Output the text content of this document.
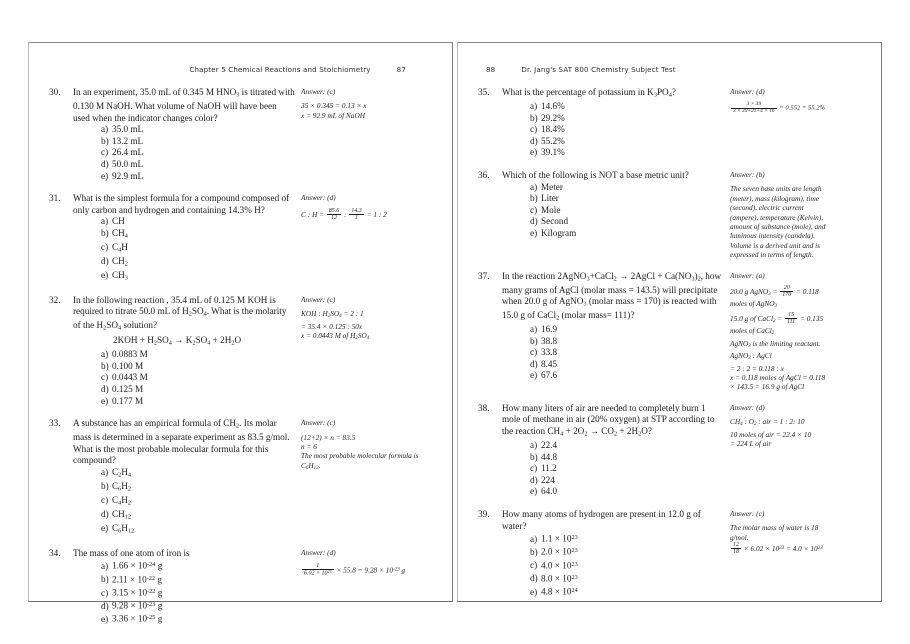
Chapter 5 Chemical Reactions and Stoichiometry	87
30. In an experiment, 35.0 mL of 0.345 M $HNO_3$ is titrated with 0.130 M NaOH. What volume of NaOH will have been used when the indicator changes color?
a) 35.0 mL
b) 13.2 mL
c) 26.4 mL
d) 50.0 mL
e) 92.9 mL
Answer: (c)
35 × 0.345 = 0.13 × x
x = 92.9 mL of NaOH
31. What is the simplest formula for a compound composed of only carbon and hydrogen and containing 14.3% H?
a) CH
b) $CH_4$
c) $C_4H$
d) $CH_2$
e) $CH_3$
Answer: (d)
C : $H = \frac{85.6}{12}$ : $\frac{14.3}{1} = 1$ : 2
32. In the following reaction , 35.4 mL of 0.125 M KOH is required to titrate 50.0 mL of $H_2SO_4$. What is the molarity of the $H_2SO_4$ solution?
$2KOH + H_2SO_4 \to K_2SO_4 + 2H_2O$
a) 0.0883 M
b) 0.100 M
c) 0.0443 M
d) 0.125 M
e) 0.177 M
Answer: (c)
KOH : $H_2SO_4 = 2$ : 1
= 35.4 × 0.125 : 50x
x = 0.0443 M of $H_2SO_4$
33. A substance has an empirical formula of $CH_2$. Its molar mass is determined in a separate experiment as 83.5 g/mol. What is the most probable molecular formula for this compound?
a) $C_2H_4$
b) $C_6H_2$
c) $C_4H_2$
d) $CH_{12}$
e) $C_6H_{12}$
Answer: (c)
(12+2) × n = 83.5
n = 6
The most probable molecular formula is $C_6H_{12}$.
34. The mass of one atom of iron is
a) $1.66 \times 10^{-24}$ g
b) $2.11 \times 10^{-22}$ g
c) $3.15 \times 10^{-22}$ g
d) $9.28 \times 10^{-23}$ g
e) $3.36 \times 10^{-25}$ g
Answer: (d)
$\frac{1}{6.02 \times 10^{23}} \times 55.8 = 9.28 \times 10^{-23}$ g
88	Dr. Jang's SAT 800 Chemistry Subject Test
35. What is the percentage of potassium in $K_3PO_4$?
a) 14.6%
b) 29.2%
c) 18.4%
d) 55.2%
e) 39.1%
Answer: (d)
$\frac{3 \times 39}{3 \times 39+21+4 \times 16} = 0.552 = 55.2\%$
36. Which of the following is NOT a base metric unit?
a) Meter
b) Liter
c) Mole
d) Second
e) Kilogram
Answer: (b)
The seven base units are length
(meter), mass (kilogram), time
(second), electric current
(ampere), temperature (Kelvin),
amount of substance (mole), and
luminous intensity (candela).
Volume is a derived unit and is
expressed in terms of length.
37. In the reaction 2AgNO$_3$+CaCl$_2$ → 2AgCl + $Ca(NO_3)_2$, how many grams of AgCl (molar mass = 143.5) will precipitate when 20.0 g of AgNO$_3$ (molar mass = 170) is reacted with 15.0 g of CaCl$_2$ (molar mass= 111)?
a) 16.9
b) 38.8
c) 33.8
d) 8.45
e) 67.6
Answer: (a)
20.0 g AgNO$_3$ = $\frac{20}{170} = 0.118$
moles of AgNO$_3$
15.0 g of CaCl$_2$ = $\frac{15}{111} = 0.135$
moles of CaCl$_2$
AgNO$_3$ is the limiting reactant.
AgNO$_3$ : AgCl
= 2 : 2 = 0.118 : x
x = 0.118 moles of AgCl = 0.118
× 143.5 = 16.9 g of AgCl
38. How many liters of air are needed to completely burn 1 mole of methane in air (20% oxygen) at STP according to the reaction $CH_4 + 2O_2 \to CO_2 + 2H_2O$?
a) 22.4
b) 44.8
c) 11.2
d) 224
e) 64.0
Answer: (d)
$CH_4$ : $O_2$ : air = 1 : 2: 10
10 moles of air = 22.4 × 10
= 224 L of air
39. How many atoms of hydrogen are present in 12.0 g of water?
a) $1.1 \times 10^{23}$
b) $2.0 \times 10^{23}$
c) $4.0 \times 10^{23}$
d) $8.0 \times 10^{23}$
e) $4.8 \times 10^{24}$
Answer: (c)
The molar mass of water is 18
g/mol.
$\frac{12}{18} \times 6.02 \times 10^{23} = 4.0 \times 10^{23}$
